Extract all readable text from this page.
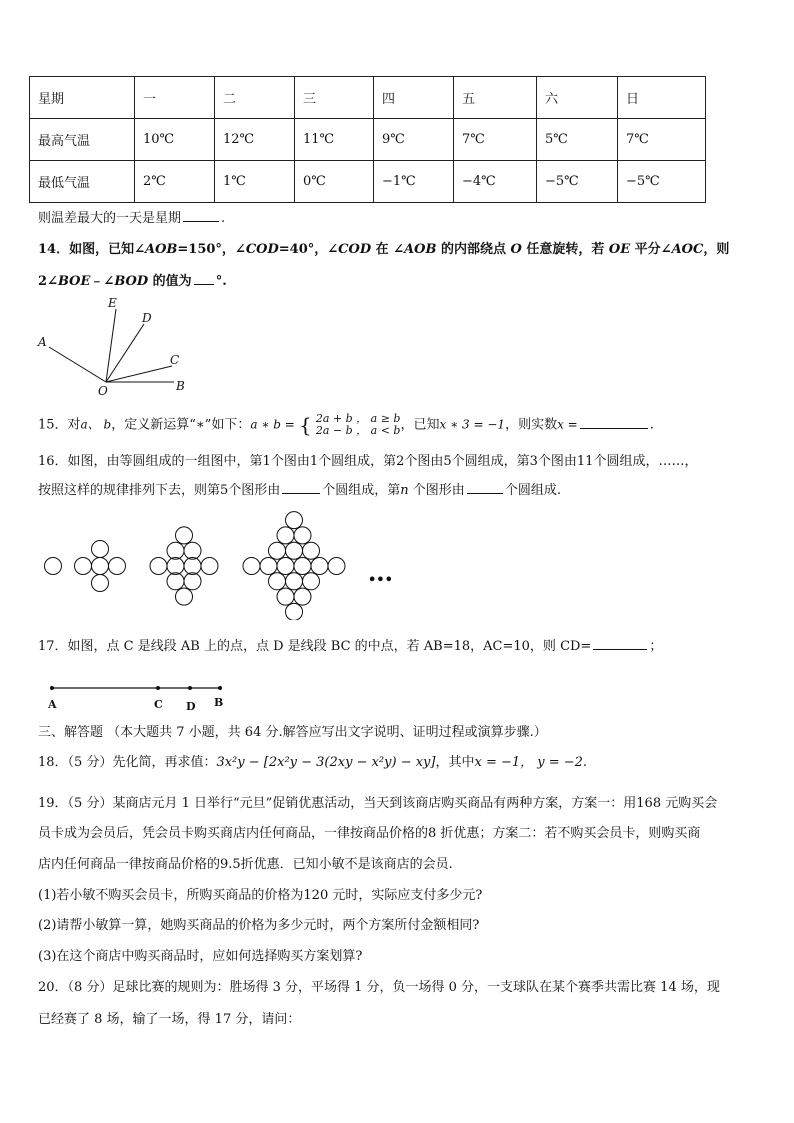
星期	一	二	三	四	五	六	日
最高气温	10℃	12℃	11℃	9℃	7℃	5℃	7℃
最低气温	2℃	1℃	0℃	−1℃	−4℃	−5℃	−5℃
则温差最大的一天是星期	.
14．如图，已知∠AOB=150°，∠COD=40°，∠COD 在 ∠AOB 的内部绕点 O 任意旋转，若 OE 平分∠AOC，则
2∠BOE﹣∠BOD 的值为 °.
E
D
A
C
O	B
15．对a、 b，定义新运算“∗”如下：a ∗ b = { 2a + b ， a ≥ b
2a − b ， a < b ，已知x ∗ 3 = −1，则实数x =	.
16．如图，由等圆组成的一组图中，第1个图由1个圆组成，第2个图由5个圆组成，第3个图由11个圆组成，……，
按照这样的规律排列下去，则第5个图形由	个圆组成，第n 个图形由	个圆组成.
•••
17．如图，点 C 是线段 AB 上的点，点 D 是线段 BC 的中点，若 AB=18，AC=10，则 CD=	；
A	C D B
三、解答题 （本大题共 7 小题，共 64 分.解答应写出文字说明、证明过程或演算步骤.）
18．（5 分）先化简，再求值：3x²y − [2x²y − 3(2xy − x²y) − xy]，其中x = −1， y = −2.
19．（5 分）某商店元月 1 日举行“元旦”促销优惠活动，当天到该商店购买商品有两种方案，方案一：用168 元购买会
员卡成为会员后，凭会员卡购买商店内任何商品，一律按商品价格的8 折优惠；方案二：若不购买会员卡，则购买商
店内任何商品一律按商品价格的9.5折优惠．已知小敏不是该商店的会员.
(1)若小敏不购买会员卡，所购买商品的价格为120 元时，实际应支付多少元?
(2)请帮小敏算一算，她购买商品的价格为多少元时，两个方案所付金额相同?
(3)在这个商店中购买商品时，应如何选择购买方案划算?
20．（8 分）足球比赛的规则为：胜场得 3 分，平场得 1 分，负一场得 0 分，一支球队在某个赛季共需比赛 14 场，现
已经赛了 8 场，输了一场，得 17 分，请问：
